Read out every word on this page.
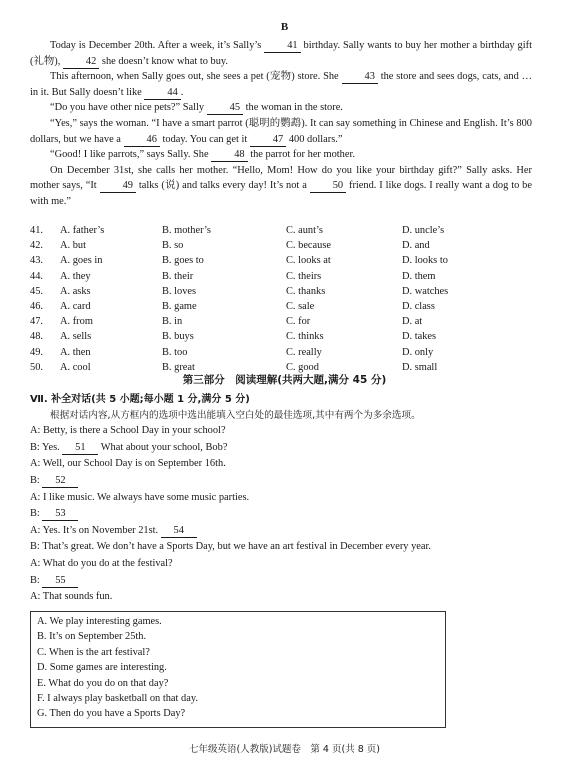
B

Today is December 20th. After a week, it’s Sally’s 41 birthday. Sally wants to buy her mother a birthday gift (礼物), 42 she doesn’t know what to buy.

This afternoon, when Sally goes out, she sees a pet (宠物) store. She 43 the store and sees dogs, cats, and … in it. But Sally doesn’t like 44 .

“Do you have other nice pets?” Sally 45 the woman in the store.

“Yes,” says the woman. “I have a smart parrot (聪明的鹦鹉). It can say something in Chinese and English. It’s 800 dollars, but we have a 46 today. You can get it 47 400 dollars.”

“Good! I like parrots,” says Sally. She 48 the parrot for her mother.

On December 31st, she calls her mother. “Hello, Mom! How do you like your birthday gift?” Sally asks. Her mother says, “It 49 talks (说) and talks every day! It’s not a 50 friend. I like dogs. I really want a dog to be with me.”

41.	A. father’s	B. mother’s	C. aunt’s	D. uncle’s
42.	A. but	B. so	C. because	D. and
43.	A. goes in	B. goes to	C. looks at	D. looks to
44.	A. they	B. their	C. theirs	D. them
45.	A. asks	B. loves	C. thanks	D. watches
46.	A. card	B. game	C. sale	D. class
47.	A. from	B. in	C. for	D. at
48.	A. sells	B. buys	C. thinks	D. takes
49.	A. then	B. too	C. really	D. only
50.	A. cool	B. great	C. good	D. small
第三部分　阅读理解(共两大题,满分 45 分)
Ⅶ. 补全对话(共 5 小题;每小题 1 分,满分 5 分)
根据对话内容,从方框内的选项中选出能填入空白处的最佳选项,其中有两个为多余选项。
A: Betty, is there a School Day in your school?
B: Yes. 51 What about your school, Bob?
A: Well, our School Day is on September 16th.
B: 52
A: I like music. We always have some music parties.
B: 53
A: Yes. It’s on November 21st. 54
B: That’s great. We don’t have a Sports Day, but we have an art festival in December every year.
A: What do you do at the festival?
B: 55
A: That sounds fun.
A. We play interesting games.
B. It’s on September 25th.
C. When is the art festival?
D. Some games are interesting.
E. What do you do on that day?
F. I always play basketball on that day.
G. Then do you have a Sports Day?
七年级英语(人教版)试题卷　第 4 页(共 8 页)
